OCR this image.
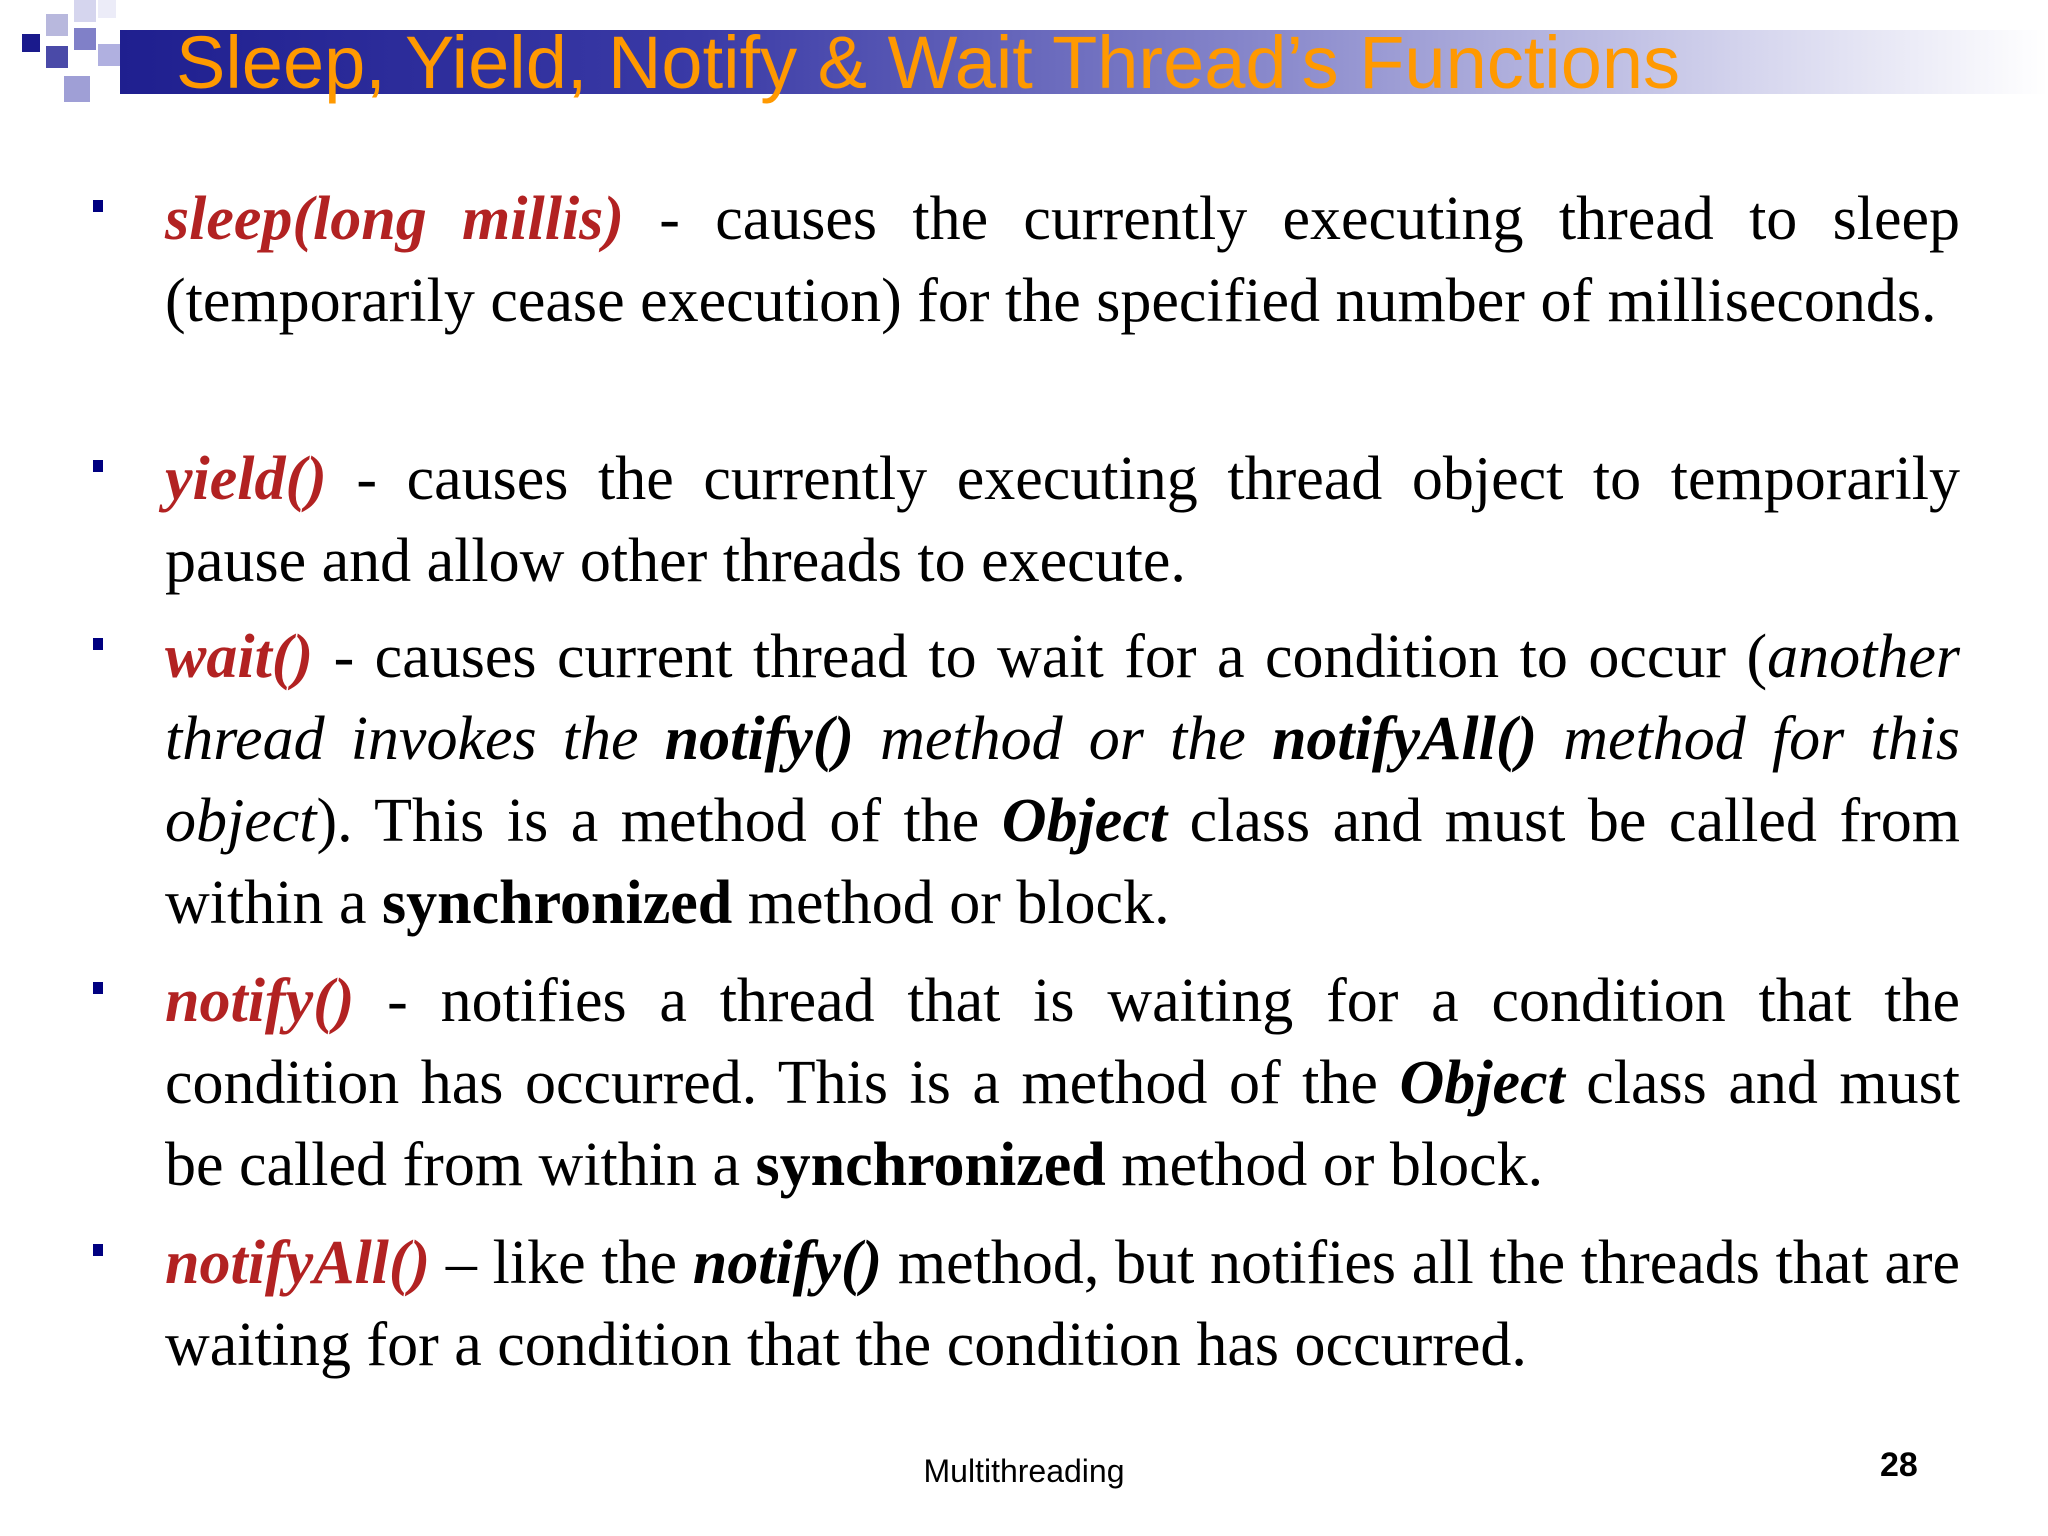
Sleep, Yield, Notify & Wait Thread’s Functions

sleep(long millis) - causes the currently executing thread to sleep (temporarily cease execution) for the specified number of milliseconds.

yield() - causes the currently executing thread object to temporarily pause and allow other threads to execute.

wait() - causes current thread to wait for a condition to occur (another thread invokes the notify() method or the notifyAll() method for this object). This is a method of the Object class and must be called from within a synchronized method or block.

notify() - notifies a thread that is waiting for a condition that the condition has occurred. This is a method of the Object class and must be called from within a synchronized method or block.

notifyAll() – like the notify() method, but notifies all the threads that are waiting for a condition that the condition has occurred.

Multithreading	28
